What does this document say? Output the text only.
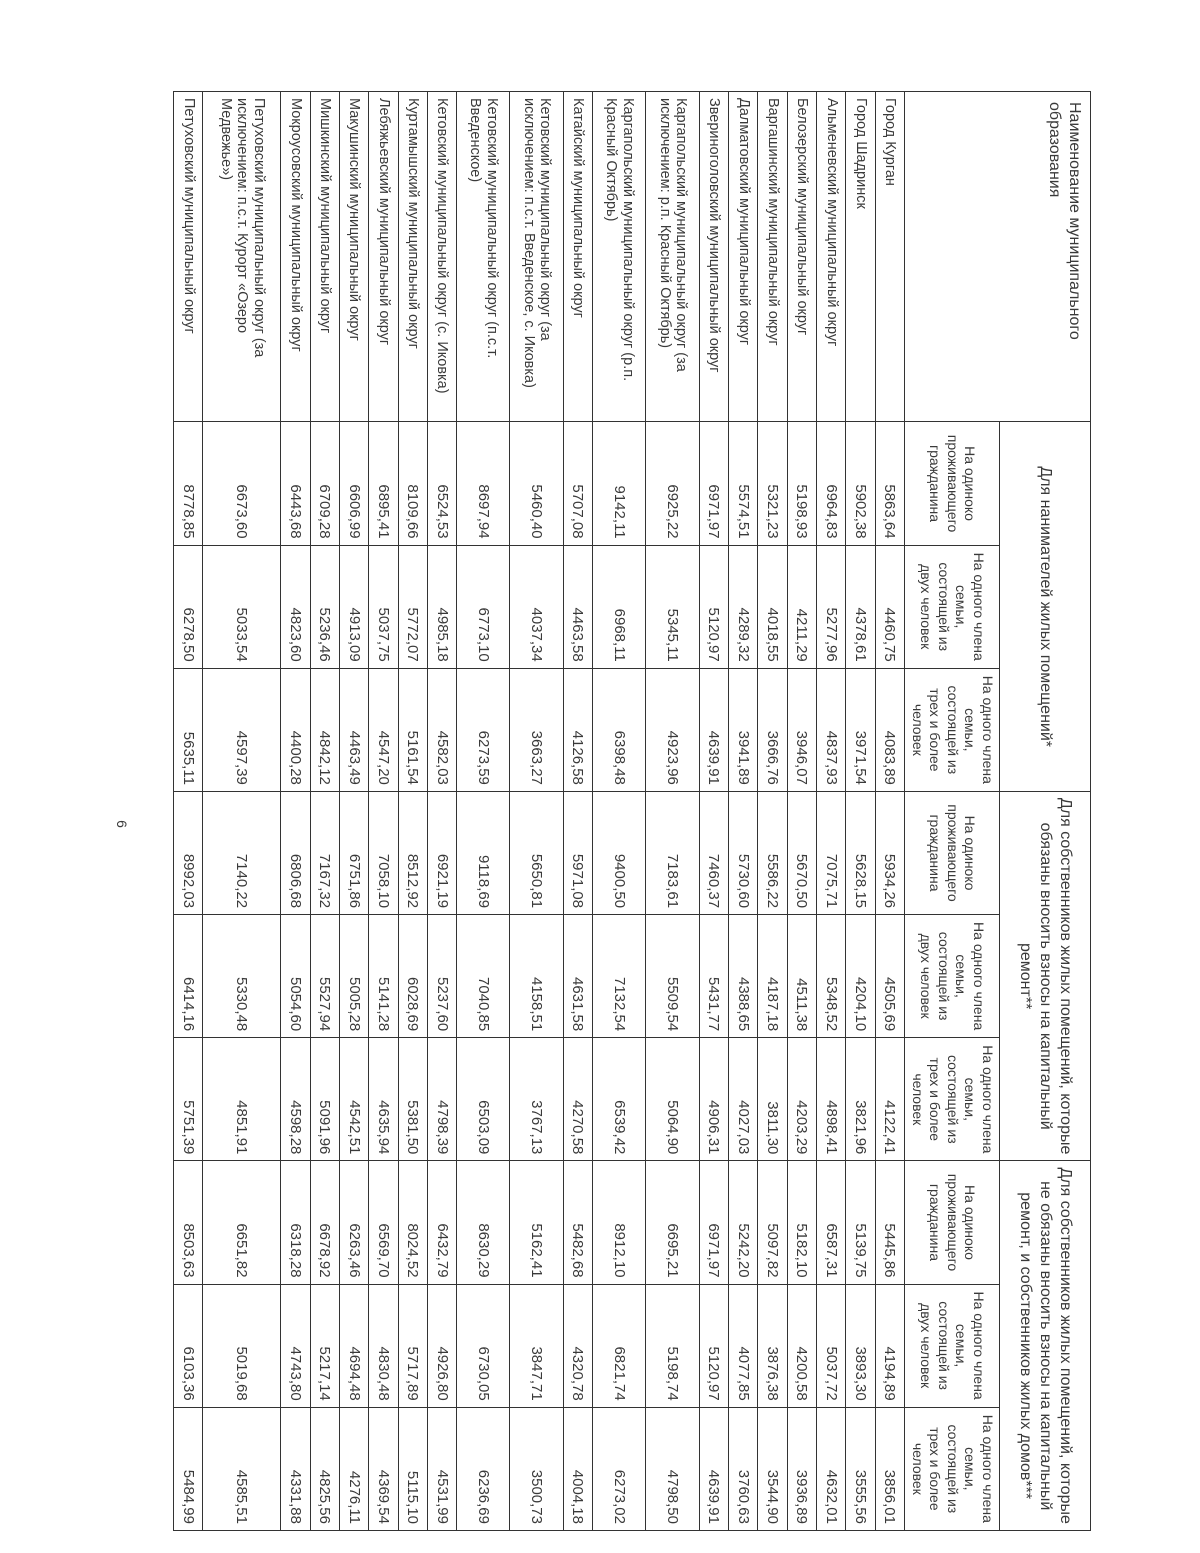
6
Наименование муниципального образования	Для нанимателей жилых помещений*			Для собственников жилых помещений, которые обязаны вносить взносы на капитальный ремонт**			Для собственников жилых помещений, которые не обязаны вносить взносы на капитальный ремонт, и собственников жилых домов***		
	На одиноко проживающего гражданина	На одного члена семьи, состоящей из двух человек	На одного члена семьи, состоящей из трех и более человек	На одиноко проживающего гражданина	На одного члена семьи, состоящей из двух человек	На одного члена семьи, состоящей из трех и более человек	На одиноко проживающего гражданина	На одного члена семьи, состоящей из двух человек	На одного члена семьи, состоящей из трех и более человек
Город Курган	5863,64	4460,75	4083,89	5934,26	4505,69	4122,41	5445,86	4194,89	3856,01
Город Шадринск	5902,38	4378,61	3971,54	5628,15	4204,10	3821,96	5139,75	3893,30	3555,56
Альменевский муниципальный округ	6964,83	5277,96	4837,93	7075,71	5348,52	4898,41	6587,31	5037,72	4632,01
Белозерский муниципальный округ	5198,93	4211,29	3946,07	5670,50	4511,38	4203,29	5182,10	4200,58	3936,89
Варгашинский муниципальный округ	5321,23	4018,55	3666,76	5586,22	4187,18	3811,30	5097,82	3876,38	3544,90
Далматовский муниципальный округ	5574,51	4289,32	3941,89	5730,60	4388,65	4027,03	5242,20	4077,85	3760,63
Звериноголовский муниципальный округ	6971,97	5120,97	4639,91	7460,37	5431,77	4906,31	6971,97	5120,97	4639,91
Каргапольский муниципальный округ (за исключением: р.п. Красный Октябрь)	6925,22	5345,11	4923,96	7183,61	5509,54	5064,90	6695,21	5198,74	4798,50
Каргапольский муниципальный округ (р.п. Красный Октябрь)	9142,11	6968,11	6398,48	9400,50	7132,54	6539,42	8912,10	6821,74	6273,02
Катайский муниципальный округ	5707,08	4463,58	4126,58	5971,08	4631,58	4270,58	5482,68	4320,78	4004,18
Кетовский муниципальный округ (за исключением: п.с.т. Введенское, с. Иковка)	5460,40	4037,34	3663,27	5650,81	4158,51	3767,13	5162,41	3847,71	3500,73
Кетовский муниципальный округ (п.с.т. Введенское)	8697,94	6773,10	6273,59	9118,69	7040,85	6503,09	8630,29	6730,05	6236,69
Кетовский муниципальный округ (с. Иковка)	6524,53	4985,18	4582,03	6921,19	5237,60	4798,39	6432,79	4926,80	4531,99
Куртамышский муниципальный округ	8109,66	5772,07	5161,54	8512,92	6028,69	5381,50	8024,52	5717,89	5115,10
Лебяжьевский муниципальный округ	6895,41	5037,75	4547,20	7058,10	5141,28	4635,94	6569,70	4830,48	4369,54
Макушинский муниципальный округ	6606,99	4913,09	4463,49	6751,86	5005,28	4542,51	6263,46	4694,48	4276,11
Мишкинский муниципальный округ	6709,28	5236,46	4842,12	7167,32	5527,94	5091,96	6678,92	5217,14	4825,56
Мокроусовский муниципальный округ	6443,68	4823,60	4400,28	6806,68	5054,60	4598,28	6318,28	4743,80	4331,88
Петуховский муниципальный округ (за исключением: п.с.т. Курорт «Озеро Медвежье»)	6673,60	5033,54	4597,39	7140,22	5330,48	4851,91	6651,82	5019,68	4585,51
Петуховский муниципальный округ	8778,85	6278,50	5635,11	8992,03	6414,16	5751,39	8503,63	6103,36	5484,99
